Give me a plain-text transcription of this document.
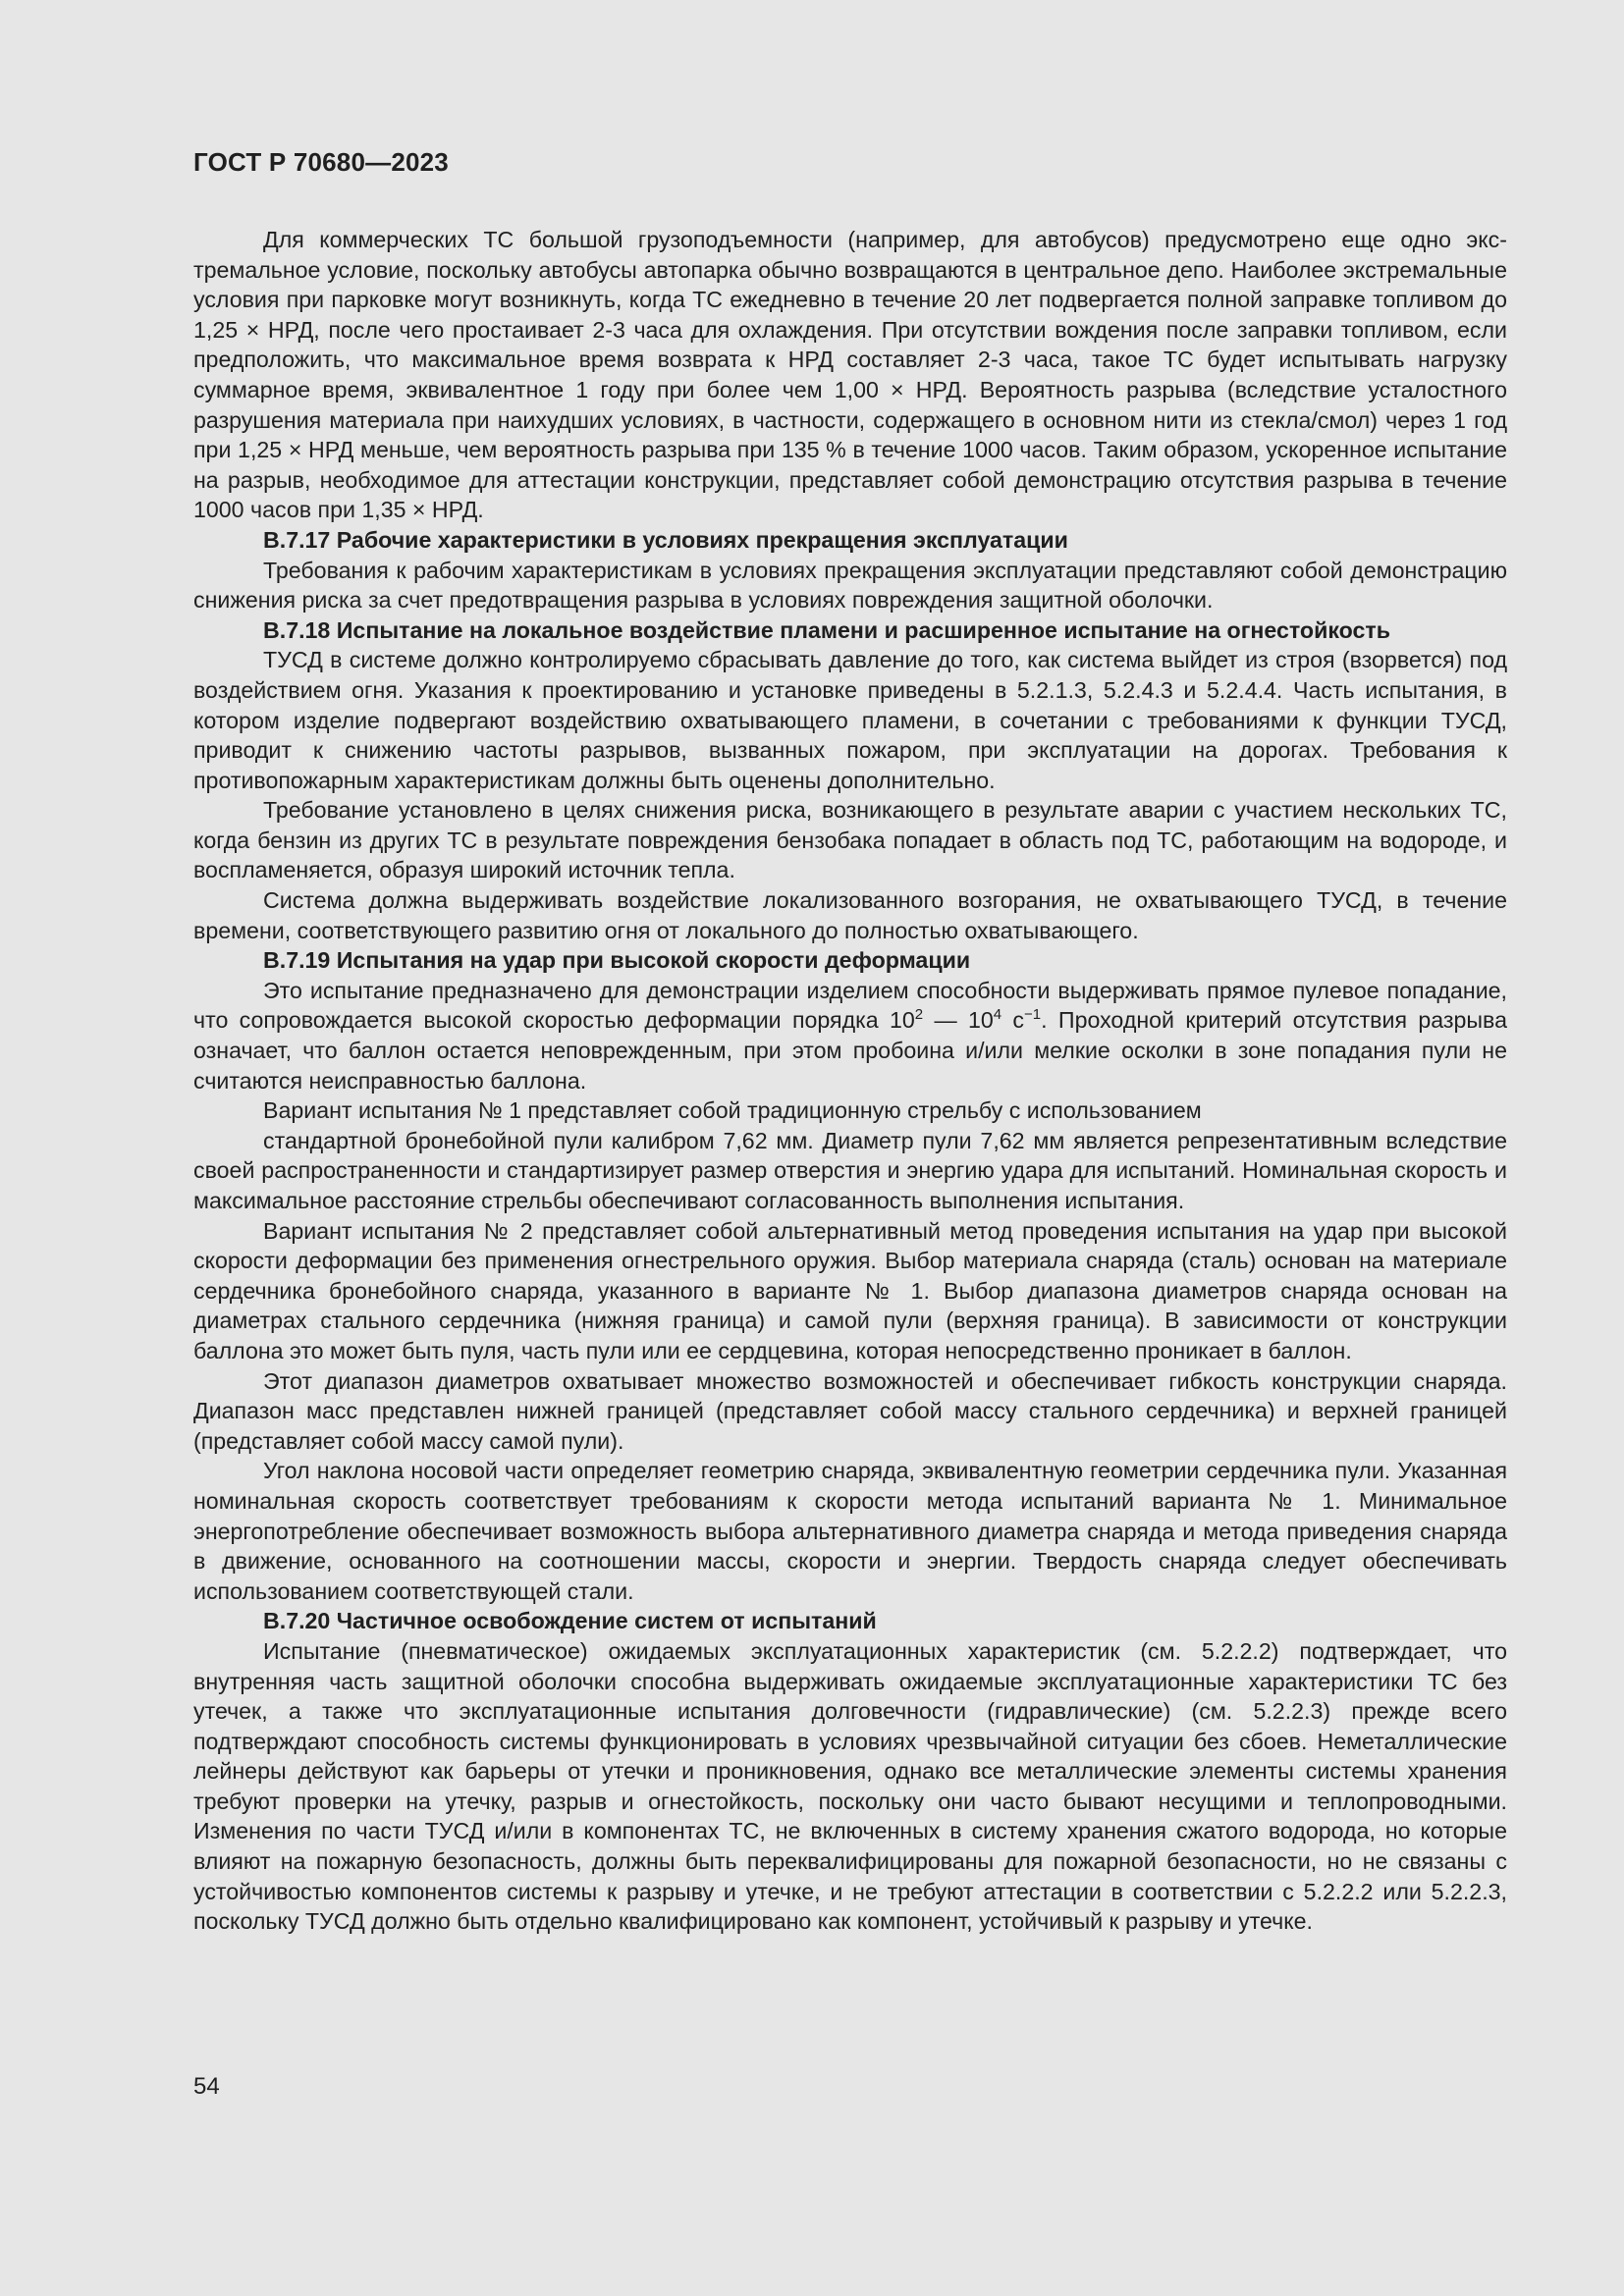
ГОСТ Р 70680—2023

Для коммерческих ТС большой грузоподъемности (например, для автобусов) предусмотрено еще одно экстремальное условие, поскольку автобусы автопарка обычно возвращаются в центральное депо. Наиболее экстремальные условия при парковке могут возникнуть, когда ТС ежедневно в течение 20 лет подвергается полной заправке топливом до 1,25 × НРД, после чего простаивает 2-3 часа для охлаждения. При отсутствии вождения после заправки топливом, если предположить, что максимальное время возврата к НРД составляет 2-3 часа, такое ТС будет испытывать нагрузку суммарное время, эквивалентное 1 году при более чем 1,00 × НРД. Вероятность разрыва (вследствие усталостного разрушения материала при наихудших условиях, в частности, содержащего в основном нити из стекла/смол) через 1 год при 1,25 × НРД меньше, чем вероятность разрыва при 135 % в течение 1000 часов. Таким образом, ускоренное испытание на разрыв, необходимое для аттестации конструкции, представляет собой демонстрацию отсутствия разрыва в течение 1000 часов при 1,35 × НРД.

В.7.17 Рабочие характеристики в условиях прекращения эксплуатации

Требования к рабочим характеристикам в условиях прекращения эксплуатации представляют собой демонстрацию снижения риска за счет предотвращения разрыва в условиях повреждения защитной оболочки.

В.7.18 Испытание на локальное воздействие пламени и расширенное испытание на огнестойкость

ТУСД в системе должно контролируемо сбрасывать давление до того, как система выйдет из строя (взорвется) под воздействием огня. Указания к проектированию и установке приведены в 5.2.1.3, 5.2.4.3 и 5.2.4.4. Часть испытания, в котором изделие подвергают воздействию охватывающего пламени, в сочетании с требованиями к функции ТУСД, приводит к снижению частоты разрывов, вызванных пожаром, при эксплуатации на дорогах. Требования к противопожарным характеристикам должны быть оценены дополнительно.

Требование установлено в целях снижения риска, возникающего в результате аварии с участием нескольких ТС, когда бензин из других ТС в результате повреждения бензобака попадает в область под ТС, работающим на водороде, и воспламеняется, образуя широкий источник тепла.

Система должна выдерживать воздействие локализованного возгорания, не охватывающего ТУСД, в течение времени, соответствующего развитию огня от локального до полностью охватывающего.

В.7.19 Испытания на удар при высокой скорости деформации

Это испытание предназначено для демонстрации изделием способности выдерживать прямое пулевое попадание, что сопровождается высокой скоростью деформации порядка $10^2$ — $10^4$ $с^{-1}$. Проходной критерий отсутствия разрыва означает, что баллон остается неповрежденным, при этом пробоина и/или мелкие осколки в зоне попадания пули не считаются неисправностью баллона.

Вариант испытания № 1 представляет собой традиционную стрельбу с использованием

стандартной бронебойной пули калибром 7,62 мм. Диаметр пули 7,62 мм является репрезентативным вследствие своей распространенности и стандартизирует размер отверстия и энергию удара для испытаний. Номинальная скорость и максимальное расстояние стрельбы обеспечивают согласованность выполнения испытания.

Вариант испытания № 2 представляет собой альтернативный метод проведения испытания на удар при высокой скорости деформации без применения огнестрельного оружия. Выбор материала снаряда (сталь) основан на материале сердечника бронебойного снаряда, указанного в варианте № 1. Выбор диапазона диаметров снаряда основан на диаметрах стального сердечника (нижняя граница) и самой пули (верхняя граница). В зависимости от конструкции баллона это может быть пуля, часть пули или ее сердцевина, которая непосредственно проникает в баллон.

Этот диапазон диаметров охватывает множество возможностей и обеспечивает гибкость конструкции снаряда. Диапазон масс представлен нижней границей (представляет собой массу стального сердечника) и верхней границей (представляет собой массу самой пули).

Угол наклона носовой части определяет геометрию снаряда, эквивалентную геометрии сердечника пули. Указанная номинальная скорость соответствует требованиям к скорости метода испытаний варианта № 1. Минимальное энергопотребление обеспечивает возможность выбора альтернативного диаметра снаряда и метода приведения снаряда в движение, основанного на соотношении массы, скорости и энергии. Твердость снаряда следует обеспечивать использованием соответствующей стали.

В.7.20 Частичное освобождение систем от испытаний

Испытание (пневматическое) ожидаемых эксплуатационных характеристик (см. 5.2.2.2) подтверждает, что внутренняя часть защитной оболочки способна выдерживать ожидаемые эксплуатационные характеристики ТС без утечек, а также что эксплуатационные испытания долговечности (гидравлические) (см. 5.2.2.3) прежде всего подтверждают способность системы функционировать в условиях чрезвычайной ситуации без сбоев. Неметаллические лейнеры действуют как барьеры от утечки и проникновения, однако все металлические элементы системы хранения требуют проверки на утечку, разрыв и огнестойкость, поскольку они часто бывают несущими и теплопроводными. Изменения по части ТУСД и/или в компонентах ТС, не включенных в систему хранения сжатого водорода, но которые влияют на пожарную безопасность, должны быть переквалифицированы для пожарной безопасности, но не связаны с устойчивостью компонентов системы к разрыву и утечке, и не требуют аттестации в соответствии с 5.2.2.2 или 5.2.2.3, поскольку ТУСД должно быть отдельно квалифицировано как компонент, устойчивый к разрыву и утечке.

54
